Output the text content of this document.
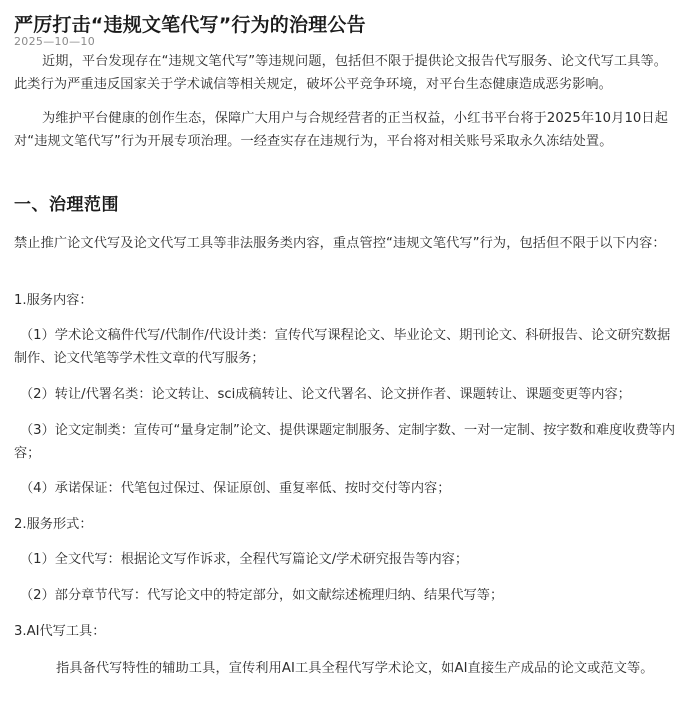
严厉打击“违规文笔代写”行为的治理公告
2025—10—10

近期，平台发现存在“违规文笔代写”等违规问题，包括但不限于提供论文报告代写服务、论文代写工具等。此类行为严重违反国家关于学术诚信等相关规定，破坏公平竞争环境，对平台生态健康造成恶劣影响。

为维护平台健康的创作生态，保障广大用户与合规经营者的正当权益，小红书平台将于2025年10月10日起对“违规文笔代写”行为开展专项治理。一经查实存在违规行为，平台将对相关账号采取永久冻结处置。

一、治理范围

禁止推广论文代写及论文代写工具等非法服务类内容，重点管控“违规文笔代写”行为，包括但不限于以下内容：

1.服务内容：

（1）学术论文稿件代写/代制作/代设计类：宣传代写课程论文、毕业论文、期刊论文、科研报告、论文研究数据制作、论文代笔等学术性文章的代写服务；

（2）转让/代署名类：论文转让、sci成稿转让、论文代署名、论文拼作者、课题转让、课题变更等内容；

（3）论文定制类：宣传可“量身定制”论文、提供课题定制服务、定制字数、一对一定制、按字数和难度收费等内容；

（4）承诺保证：代笔包过保过、保证原创、重复率低、按时交付等内容；

2.服务形式：

（1）全文代写：根据论文写作诉求，全程代写篇论文/学术研究报告等内容；

（2）部分章节代写：代写论文中的特定部分，如文献综述梳理归纳、结果代写等；

3.AI代写工具：

指具备代写特性的辅助工具，宣传利用AI工具全程代写学术论文，如AI直接生产成品的论文或范文等。
